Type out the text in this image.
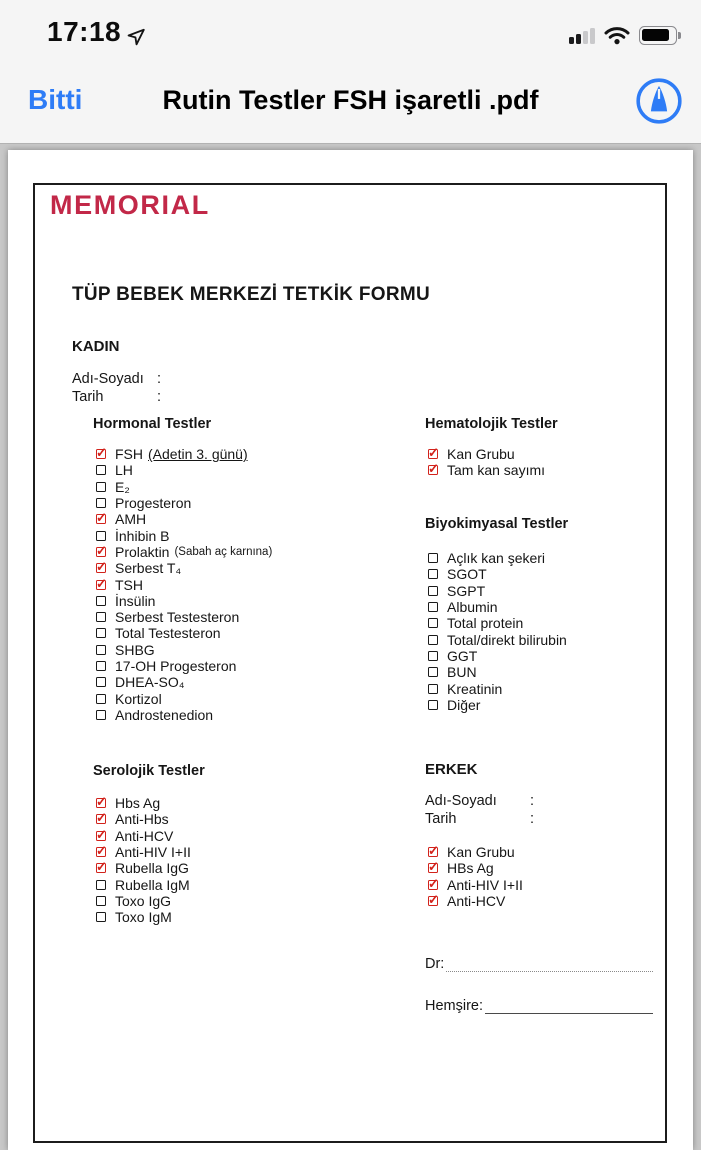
17:18
Bitti	Rutin Testler FSH işaretli .pdf
MEMORIAL
TÜP BEBEK MERKEZİ TETKİK FORMU
KADIN
Adı-Soyadı :
Tarih	:
Hormonal Testler
✓
FSH (Adetin 3. günü)
LH
E₂
Progesteron
✓
AMH
İnhibin B
✓
Prolaktin (Sabah aç karnına)
✓
Serbest T₄
✓
TSH
İnsülin
Serbest Testesteron
Total Testesteron
SHBG
17-OH Progesteron
DHEA-SO₄
Kortizol
Androstenedion
Hematolojik Testler
✓
Kan Grubu
✓
Tam kan sayımı
Biyokimyasal Testler
Açlık kan şekeri
SGOT
SGPT
Albumin
Total protein
Total/direkt bilirubin
GGT
BUN
Kreatinin
Diğer
Serolojik Testler
✓
Hbs Ag
✓
Anti-Hbs
✓
Anti-HCV
✓
Anti-HIV I+II
✓
Rubella IgG
Rubella IgM
Toxo IgG
Toxo IgM
ERKEK
Adı-Soyadı	:
Tarih	:
✓
Kan Grubu
✓
HBs Ag
✓
Anti-HIV I+II
✓
Anti-HCV
Dr:
Hemşire:
